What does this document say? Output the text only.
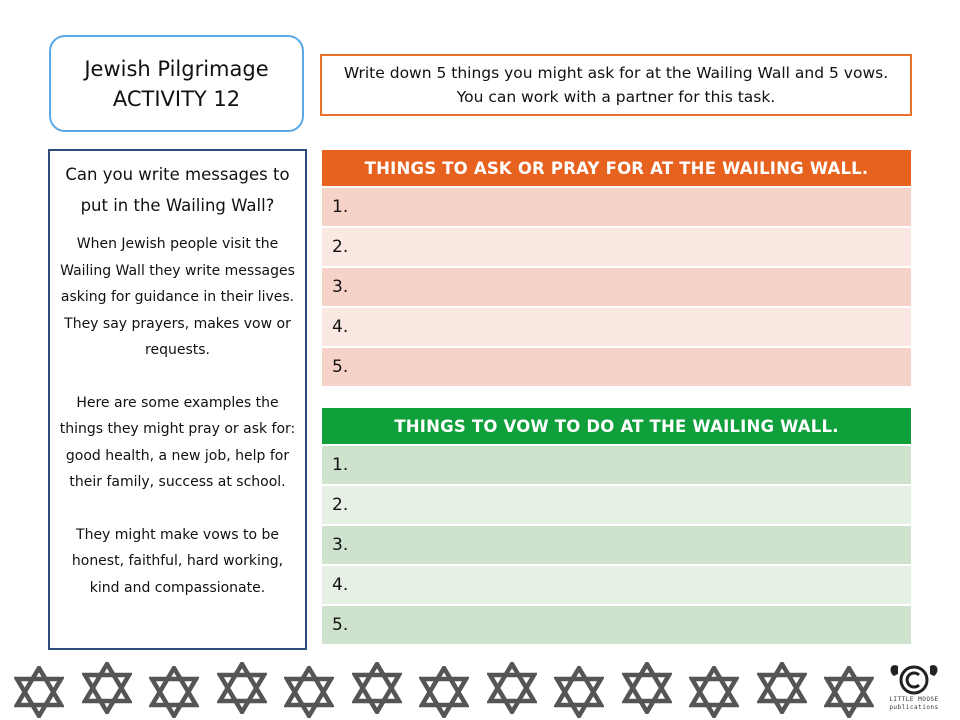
Jewish Pilgrimage
ACTIVITY 12
Write down 5 things you might ask for at the Wailing Wall and 5 vows. You can work with a partner for this task.

Can you write messages to put in the Wailing Wall?

When Jewish people visit the Wailing Wall they write messages asking for guidance in their lives. They say prayers, makes vow or requests.

Here are some examples the things they might pray or ask for: good health, a new job, help for their family, success at school.

They might make vows to be honest, faithful, hard working, kind and compassionate.

THINGS TO ASK OR PRAY FOR AT THE WAILING WALL.
1.
2.
3.
4.
5.
THINGS TO VOW TO DO AT THE WAILING WALL.
1.
2.
3.
4.
5.
LITTLE MOOSE
publications
